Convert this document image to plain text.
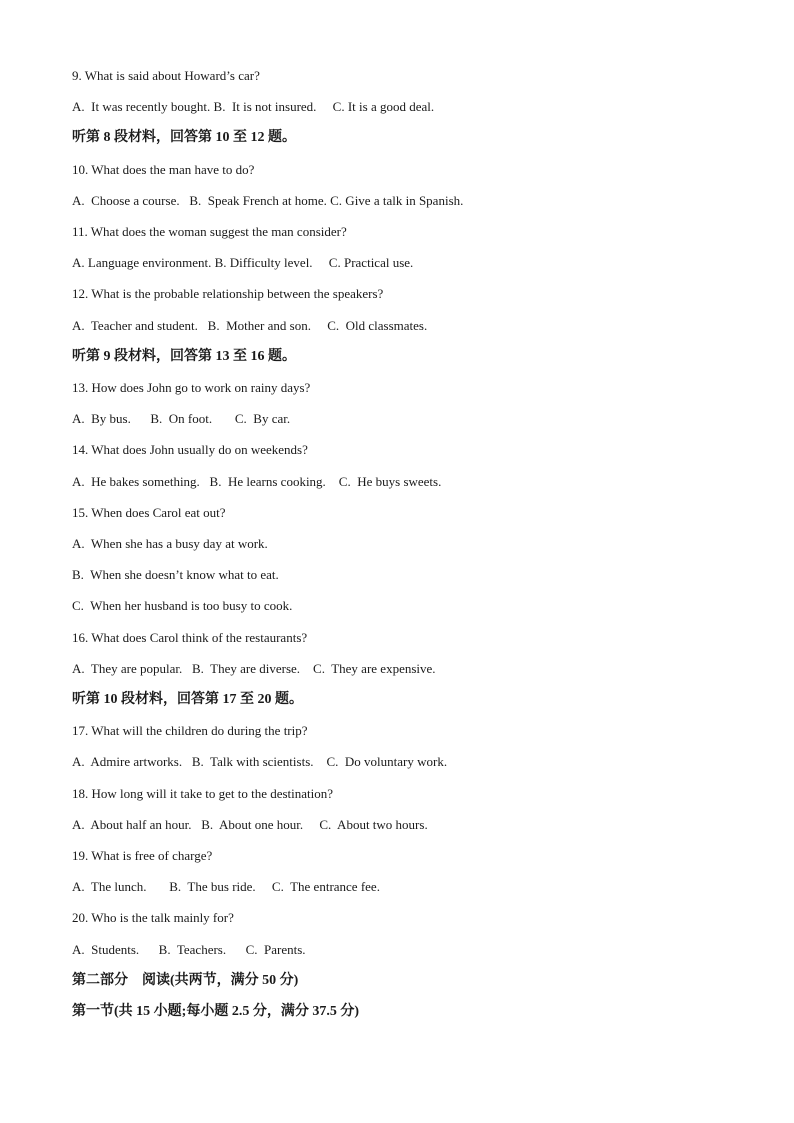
9. What is said about Howard’s car?
A.  It was recently bought. B.  It is not insured.     C. It is a good deal.
听第 8 段材料，回答第 10 至 12 题。
10. What does the man have to do?
A.  Choose a course.   B.  Speak French at home. C. Give a talk in Spanish.
11. What does the woman suggest the man consider?
A. Language environment. B. Difficulty level.     C. Practical use.
12. What is the probable relationship between the speakers?
A.  Teacher and student.   B.  Mother and son.     C.  Old classmates.
听第 9 段材料，回答第 13 至 16 题。
13. How does John go to work on rainy days?
A.  By bus.      B.  On foot.       C.  By car.
14. What does John usually do on weekends?
A.  He bakes something.   B.  He learns cooking.    C.  He buys sweets.
15. When does Carol eat out?
A.  When she has a busy day at work.
B.  When she doesn’t know what to eat.
C.  When her husband is too busy to cook.
16. What does Carol think of the restaurants?
A.  They are popular.   B.  They are diverse.    C.  They are expensive.
听第 10 段材料，回答第 17 至 20 题。
17. What will the children do during the trip?
A.  Admire artworks.   B.  Talk with scientists.    C.  Do voluntary work.
18. How long will it take to get to the destination?
A.  About half an hour.   B.  About one hour.     C.  About two hours.
19. What is free of charge?
A.  The lunch.       B.  The bus ride.     C.  The entrance fee.
20. Who is the talk mainly for?
A.  Students.      B.  Teachers.      C.  Parents.
第二部分    阅读(共两节，满分 50 分)
第一节(共 15 小题;每小题 2.5 分，满分 37.5 分)
